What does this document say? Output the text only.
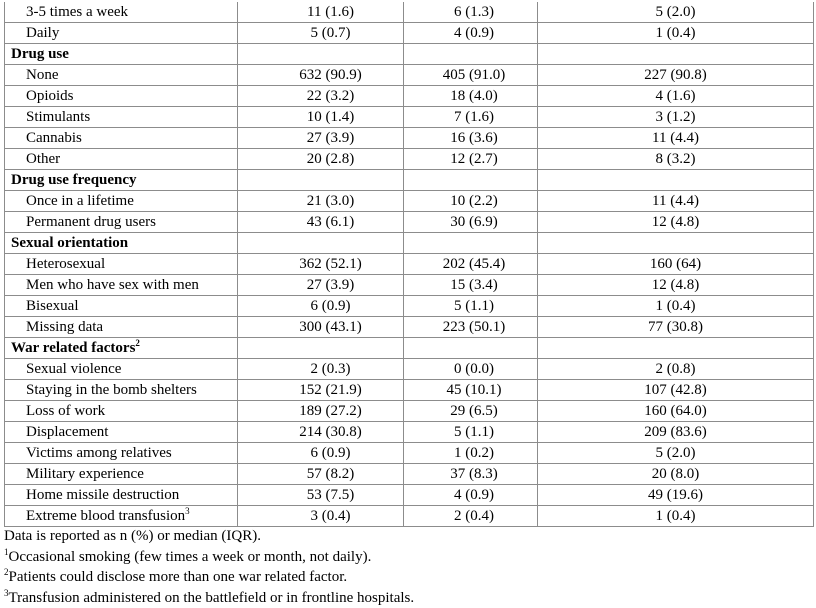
3-5 times a week	11 (1.6)	6 (1.3)	5 (2.0)
Daily	5 (0.7)	4 (0.9)	1 (0.4)
Drug use			
None	632 (90.9)	405 (91.0)	227 (90.8)
Opioids	22 (3.2)	18 (4.0)	4 (1.6)
Stimulants	10 (1.4)	7 (1.6)	3 (1.2)
Cannabis	27 (3.9)	16 (3.6)	11 (4.4)
Other	20 (2.8)	12 (2.7)	8 (3.2)
Drug use frequency			
Once in a lifetime	21 (3.0)	10 (2.2)	11 (4.4)
Permanent drug users	43 (6.1)	30 (6.9)	12 (4.8)
Sexual orientation			
Heterosexual	362 (52.1)	202 (45.4)	160 (64)
Men who have sex with men	27 (3.9)	15 (3.4)	12 (4.8)
Bisexual	6 (0.9)	5 (1.1)	1 (0.4)
Missing data	300 (43.1)	223 (50.1)	77 (30.8)
War related factors$^2$			
Sexual violence	2 (0.3)	0 (0.0)	2 (0.8)
Staying in the bomb shelters	152 (21.9)	45 (10.1)	107 (42.8)
Loss of work	189 (27.2)	29 (6.5)	160 (64.0)
Displacement	214 (30.8)	5 (1.1)	209 (83.6)
Victims among relatives	6 (0.9)	1 (0.2)	5 (2.0)
Military experience	57 (8.2)	37 (8.3)	20 (8.0)
Home missile destruction	53 (7.5)	4 (0.9)	49 (19.6)
Extreme blood transfusion$^3$	3 (0.4)	2 (0.4)	1 (0.4)
Data is reported as n (%) or median (IQR).
$^1$Occasional smoking (few times a week or month, not daily).
$^2$Patients could disclose more than one war related factor.
$^3$Transfusion administered on the battlefield or in frontline hospitals.
